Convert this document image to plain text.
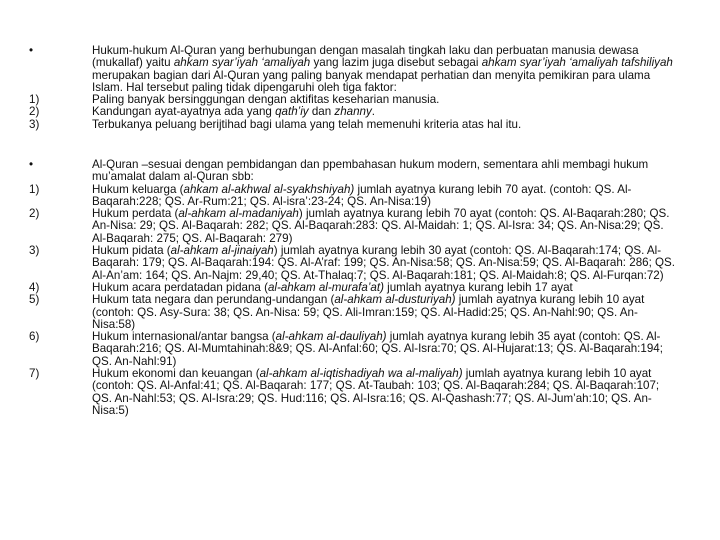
•	Hukum-hukum Al-Quran yang berhubungan dengan masalah tingkah laku dan perbuatan manusia dewasa (mukallaf) yaitu ahkam syar’iyah ‘amaliyah yang lazim juga disebut sebagai ahkam syar’iyah ‘amaliyah tafshiliyah merupakan bagian dari Al-Quran yang paling banyak mendapat perhatian dan menyita pemikiran para ulama Islam. Hal tersebut paling tidak dipengaruhi oleh tiga faktor:
1)	Paling banyak bersinggungan dengan aktifitas keseharian manusia.
2)	Kandungan ayat-ayatnya ada yang qath’iy dan zhanny.
3)	Terbukanya peluang berijtihad bagi ulama yang telah memenuhi kriteria atas hal itu.
•	Al-Quran –sesuai dengan pembidangan dan ppembahasan hukum modern, sementara ahli membagi hukum mu’amalat dalam al-Quran sbb:
1)	Hukum keluarga (ahkam al-akhwal al-syakhshiyah) jumlah ayatnya kurang lebih 70 ayat. (contoh: QS. Al-Baqarah:228; QS. Ar-Rum:21; QS. Al-isra’:23-24; QS. An-Nisa:19)
2)	Hukum perdata (al-ahkam al-madaniyah) jumlah ayatnya kurang lebih 70 ayat (contoh: QS. Al-Baqarah:280; QS. An-Nisa: 29; QS. Al-Baqarah: 282; QS. Al-Baqarah:283: QS. Al-Maidah: 1; QS. Al-Isra: 34; QS. An-Nisa:29; QS. Al-Baqarah: 275; QS. Al-Baqarah: 279)
3)	Hukum pidata (al-ahkam al-jinaiyah) jumlah ayatnya kurang lebih 30 ayat (contoh: QS. Al-Baqarah:174; QS. Al-Baqarah: 179; QS. Al-Baqarah:194: QS. Al-A’raf: 199; QS. An-Nisa:58; QS. An-Nisa:59; QS. Al-Baqarah: 286; QS. Al-An’am: 164; QS. An-Najm: 29,40; QS. At-Thalaq:7; QS. Al-Baqarah:181; QS. Al-Maidah:8; QS. Al-Furqan:72)
4)	Hukum acara perdatadan pidana (al-ahkam al-murafa’at) jumlah ayatnya kurang lebih 17 ayat
5)	Hukum tata negara dan perundang-undangan (al-ahkam al-dusturiyah) jumlah ayatnya kurang lebih 10 ayat (contoh: QS. Asy-Sura: 38; QS. An-Nisa: 59; QS. Ali-Imran:159; QS. Al-Hadid:25; QS. An-Nahl:90; QS. An-Nisa:58)
6)	Hukum internasional/antar bangsa (al-ahkam al-dauliyah) jumlah ayatnya kurang lebih 35 ayat (contoh: QS. Al-Baqarah:216; QS. Al-Mumtahinah:8&9; QS. Al-Anfal:60; QS. Al-Isra:70; QS. Al-Hujarat:13; QS. Al-Baqarah:194; QS. An-Nahl:91)
7)	Hukum ekonomi dan keuangan (al-ahkam al-iqtishadiyah wa al-maliyah) jumlah ayatnya kurang lebih 10 ayat (contoh: QS. Al-Anfal:41; QS. Al-Baqarah: 177; QS. At-Taubah: 103; QS. Al-Baqarah:284; QS. Al-Baqarah:107; QS. An-Nahl:53; QS. Al-Isra:29; QS. Hud:116; QS. Al-Isra:16; QS. Al-Qashash:77; QS. Al-Jum’ah:10; QS. An-Nisa:5)
